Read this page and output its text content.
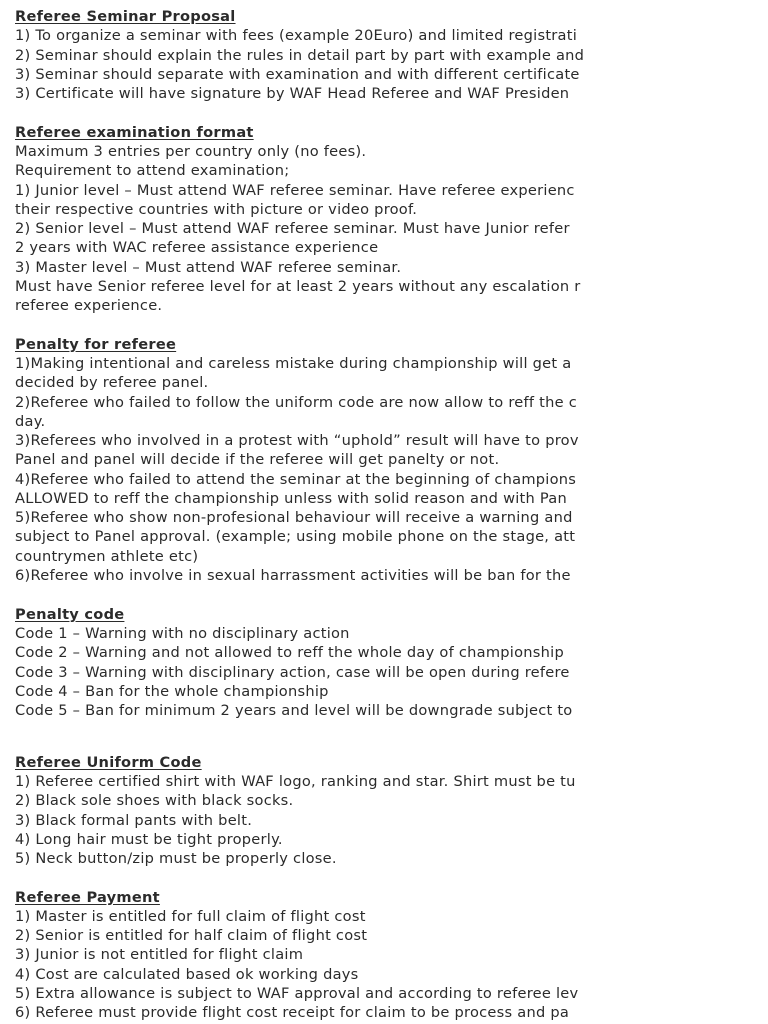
Referee Seminar Proposal
1) To organize a seminar with fees (example 20Euro) and limited registrati
2) Seminar should explain the rules in detail part by part with example and
3) Seminar should separate with examination and with different certificate
3) Certificate will have signature by WAF Head Referee and WAF Presiden
Referee examination format
Maximum 3 entries per country only (no fees).
Requirement to attend examination;
1) Junior level – Must attend WAF referee seminar. Have referee experienc
their respective countries with picture or video proof.
2) Senior level – Must attend WAF referee seminar. Must have Junior refer
2 years with WAC referee assistance experience
3) Master level – Must attend WAF referee seminar.
Must have Senior referee level for at least 2 years without any escalation r
referee experience.
Penalty for referee
1)Making intentional and careless mistake during championship will get a
decided by referee panel.
2)Referee who failed to follow the uniform code are now allow to reff the c
day.
3)Referees who involved in a protest with “uphold” result will have to prov
Panel and panel will decide if the referee will get panelty or not.
4)Referee who failed to attend the seminar at the beginning of champions
ALLOWED to reff the championship unless with solid reason and with Pan
5)Referee who show non-profesional behaviour will receive a warning and
subject to Panel approval. (example; using mobile phone on the stage, att
countrymen athlete etc)
6)Referee who involve in sexual harrassment activities will be ban for the
Penalty code
Code 1 – Warning with no disciplinary action
Code 2 – Warning and not allowed to reff the whole day of championship
Code 3 – Warning with disciplinary action, case will be open during refere
Code 4 – Ban for the whole championship
Code 5 – Ban for minimum 2 years and level will be downgrade subject to
Referee Uniform Code
1) Referee certified shirt with WAF logo, ranking and star. Shirt must be tu
2) Black sole shoes with black socks.
3) Black formal pants with belt.
4) Long hair must be tight properly.
5) Neck button/zip must be properly close.
Referee Payment
1) Master is entitled for full claim of flight cost
2) Senior is entitled for half claim of flight cost
3) Junior is not entitled for flight claim
4) Cost are calculated based ok working days
5) Extra allowance is subject to WAF approval and according to referee lev
6) Referee must provide flight cost receipt for claim to be process and pa
